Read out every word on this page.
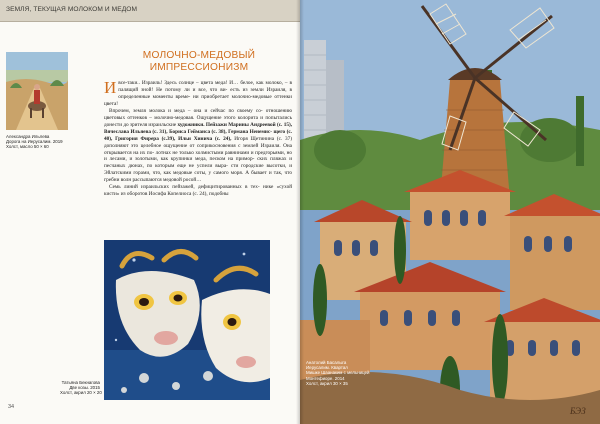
ЗЕМЛЯ, ТЕКУЩАЯ МОЛОКОМ И МЕДОМ
Александра Ильлева
Дорога на Иерусалим. 2019
Холст, масло 50 × 60
МОЛОЧНО-МЕДОВЫЙ
ИМПРЕССИОНИЗМ

И все-таки.. Израиль! Здесь солнце – цвета меда! И… белое, как молоко, – в палящий зной! Не потому ли и все, что ви- есть из земли Израиля, в определенные моменты време- ни приобретает молочно-медовые оттенки цвета!

Впрочем, земля молока и меда – она и сейчас по своему со- отношению цветовых оттенков – молочно-медовая. Ощущение этого колорита и попытались донести до зрителя израильские художники. Пейзажи Марины Андреевой (с. 15), Вячеслава Ильяева (с. 31), Бориса Гейманса (с. 38), Германа Ненемис- щего (с. 40), Григория Фирера (с.39), Ильи Хинича (с. 24), Игоря Щетинина (с. 37) дополняют это целебное ощущение от соприкосновения с землей Израиля. Она открывается на их по- лотнах не только холмистыми равнинами и предгорьями, но и лесами, и золотыми, как крупинки меда, песком на примор- ских пляжах и песчаных дюнах, по которым еще не успели выра- сти городские высотки, и Эйлатскими горами, что, как медовые соты, у самого моря. А бывает и так, что гребни волн рассыпаются медовой росой…

Семь линий израильских пейзажей, дефицитированных в тех- нике «сухой кисти» из оборотов Иосифа Копелиоса (с. 24), подобны

Татьяна Бекнагова
Две козы. 2015
Холст, акрил 20 × 20
34	БЭЗ
Анатолий Басалыга
Иерусалим. Квартал
Мишке Шаанаким с мельницей
Монтефиоре. 2014
Холст, акрил 30 × 35
